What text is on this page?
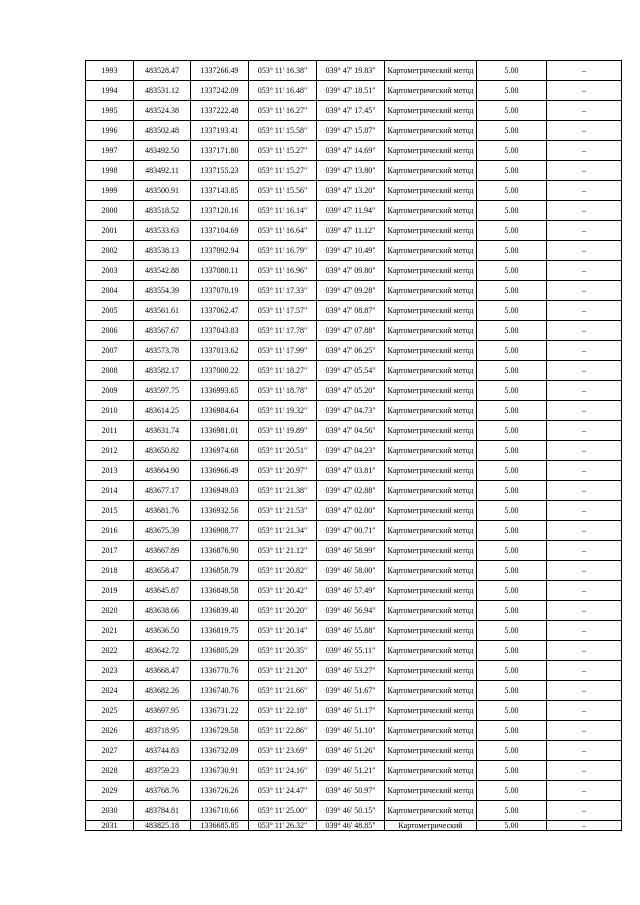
1993	483528.47	1337266.49	053° 11' 16.38"	039° 47' 19.83"	Картометрический метод	5.00	–
1994	483531.12	1337242.09	053° 11' 16.48"	039° 47' 18.51"	Картометрический метод	5.00	–
1995	483524.38	1337222.48	053° 11' 16.27"	039° 47' 17.45"	Картометрический метод	5.00	–
1996	483502.48	1337193.41	053° 11' 15.58"	039° 47' 15.87"	Картометрический метод	5.00	–
1997	483492.50	1337171.80	053° 11' 15.27"	039° 47' 14.69"	Картометрический метод	5.00	–
1998	483492.11	1337155.23	053° 11' 15.27"	039° 47' 13.80"	Картометрический метод	5.00	–
1999	483500.91	1337143.85	053° 11' 15.56"	039° 47' 13.20"	Картометрический метод	5.00	–
2000	483518.52	1337120.16	053° 11' 16.14"	039° 47' 11.94"	Картометрический метод	5.00	–
2001	483533.63	1337104.69	053° 11' 16.64"	039° 47' 11.12"	Картометрический метод	5.00	–
2002	483538.13	1337092.94	053° 11' 16.79"	039° 47' 10.49"	Картометрический метод	5.00	–
2003	483542.88	1337080.11	053° 11' 16.96"	039° 47' 09.80"	Картометрический метод	5.00	–
2004	483554.39	1337070.19	053° 11' 17.33"	039° 47' 09.28"	Картометрический метод	5.00	–
2005	483561.61	1337062.47	053° 11' 17.57"	039° 47' 08.87"	Картометрический метод	5.00	–
2006	483567.67	1337043.83	053° 11' 17.78"	039° 47' 07.88"	Картометрический метод	5.00	–
2007	483573.78	1337013.62	053° 11' 17.99"	039° 47' 06.25"	Картометрический метод	5.00	–
2008	483582.17	1337000.22	053° 11' 18.27"	039° 47' 05.54"	Картометрический метод	5.00	–
2009	483597.75	1336993.65	053° 11' 18.78"	039° 47' 05.20"	Картометрический метод	5.00	–
2010	483614.25	1336984.64	053° 11' 19.32"	039° 47' 04.73"	Картометрический метод	5.00	–
2011	483631.74	1336981.01	053° 11' 19.89"	039° 47' 04.56"	Картометрический метод	5.00	–
2012	483650.82	1336974.68	053° 11' 20.51"	039° 47' 04.23"	Картометрический метод	5.00	–
2013	483664.90	1336966.49	053° 11' 20.97"	039° 47' 03.81"	Картометрический метод	5.00	–
2014	483677.17	1336949.03	053° 11' 21.38"	039° 47' 02.88"	Картометрический метод	5.00	–
2015	483681.76	1336932.56	053° 11' 21.53"	039° 47' 02.00"	Картометрический метод	5.00	–
2016	483675.39	1336908.77	053° 11' 21.34"	039° 47' 00.71"	Картометрический метод	5.00	–
2017	483667.89	1336876.90	053° 11' 21.12"	039° 46' 58.99"	Картометрический метод	5.00	–
2018	483658.47	1336858.79	053° 11' 20.82"	039° 46' 58.00"	Картометрический метод	5.00	–
2019	483645.87	1336849.58	053° 11' 20.42"	039° 46' 57.49"	Картометрический метод	5.00	–
2020	483638.66	1336839.40	053° 11' 20.20"	039° 46' 56.94"	Картометрический метод	5.00	–
2021	483636.50	1336819.75	053° 11' 20.14"	039° 46' 55.88"	Картометрический метод	5.00	–
2022	483642.72	1336805.29	053° 11' 20.35"	039° 46' 55.11"	Картометрический метод	5.00	–
2023	483668.47	1336770.76	053° 11' 21.20"	039° 46' 53.27"	Картометрический метод	5.00	–
2024	483682.26	1336740.76	053° 11' 21.66"	039° 46' 51.67"	Картометрический метод	5.00	–
2025	483697.95	1336731.22	053° 11' 22.18"	039° 46' 51.17"	Картометрический метод	5.00	–
2026	483718.95	1336729.58	053° 11' 22.86"	039° 46' 51.10"	Картометрический метод	5.00	–
2027	483744.83	1336732.09	053° 11' 23.69"	039° 46' 51.26"	Картометрический метод	5.00	–
2028	483759.23	1336730.91	053° 11' 24.16"	039° 46' 51.21"	Картометрический метод	5.00	–
2029	483768.76	1336726.26	053° 11' 24.47"	039° 46' 50.97"	Картометрический метод	5.00	–
2030	483784.81	1336710.66	053° 11' 25.00"	039° 46' 50.15"	Картометрический метод	5.00	–
2031	483825.18	1336685.85	053° 11' 26.32"	039° 46' 48.85"	Картометрический	5.00	–
